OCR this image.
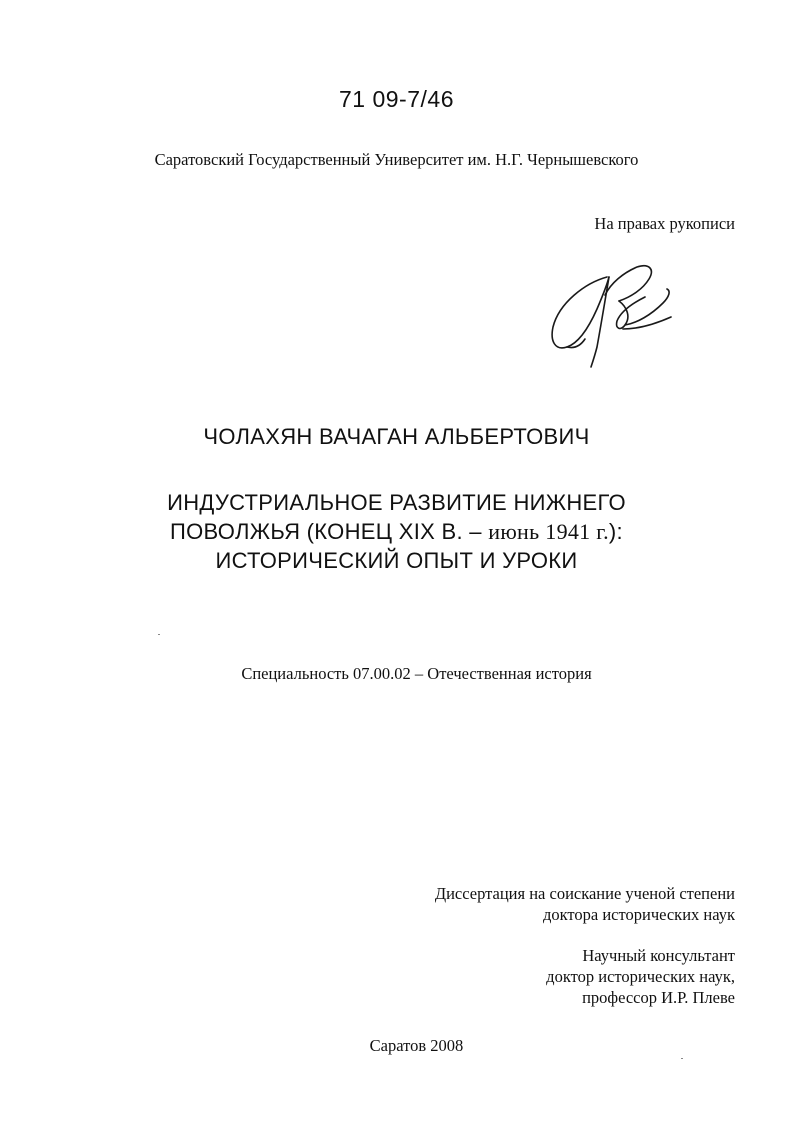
71 09-7/46
Саратовский Государственный Университет им. Н.Г. Чернышевского
На правах рукописи
ЧОЛАХЯН ВАЧАГАН АЛЬБЕРТОВИЧ
ИНДУСТРИАЛЬНОЕ РАЗВИТИЕ НИЖНЕГО
ПОВОЛЖЬЯ (КОНЕЦ XIX В. – июнь 1941 г.):
ИСТОРИЧЕСКИЙ ОПЫТ И УРОКИ
Специальность 07.00.02 – Отечественная история
Диссертация на соискание ученой степени
доктора исторических наук
Научный консультант
доктор исторических наук,
профессор И.Р. Плеве
Саратов 2008
